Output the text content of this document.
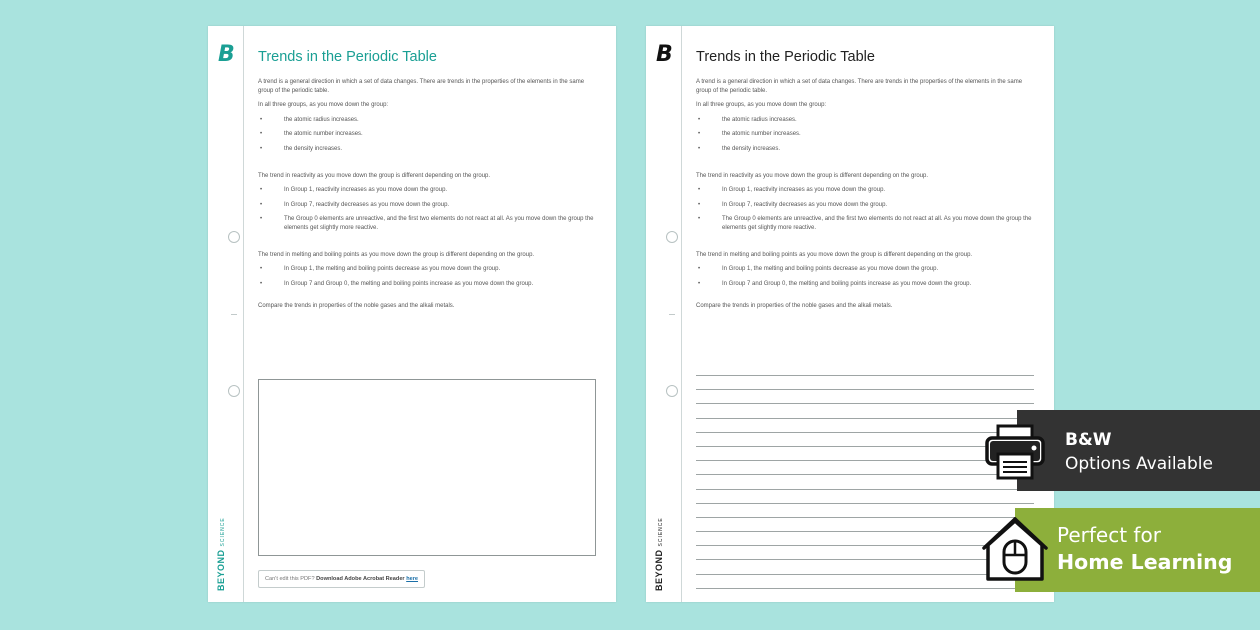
B
BEYONDSCIENCE
Trends in the Periodic Table

A trend is a general direction in which a set of data changes. There are trends in the properties of the elements in the same group of the periodic table.

In all three groups, as you move down the group:

• the atomic radius increases.
• the atomic number increases.
• the density increases.

The trend in reactivity as you move down the group is different depending on the group.

• In Group 1, reactivity increases as you move down the group.
• In Group 7, reactivity decreases as you move down the group.
• The Group 0 elements are unreactive, and the first two elements do not react at all. As you move down the group the elements get slightly more reactive.

The trend in melting and boiling points as you move down the group is different depending on the group.

• In Group 1, the melting and boiling points decrease as you move down the group.
• In Group 7 and Group 0, the melting and boiling points increase as you move down the group.

Compare the trends in properties of the noble gases and the alkali metals.

Can't edit this PDF? Download Adobe Acrobat Reader here
B
BEYONDSCIENCE
Trends in the Periodic Table

A trend is a general direction in which a set of data changes. There are trends in the properties of the elements in the same group of the periodic table.

In all three groups, as you move down the group:

• the atomic radius increases.
• the atomic number increases.
• the density increases.

The trend in reactivity as you move down the group is different depending on the group.

• In Group 1, reactivity increases as you move down the group.
• In Group 7, reactivity decreases as you move down the group.
• The Group 0 elements are unreactive, and the first two elements do not react at all. As you move down the group the elements get slightly more reactive.

The trend in melting and boiling points as you move down the group is different depending on the group.

• In Group 1, the melting and boiling points decrease as you move down the group.
• In Group 7 and Group 0, the melting and boiling points increase as you move down the group.

Compare the trends in properties of the noble gases and the alkali metals.

B&W
Options Available
Perfect for
Home Learning
